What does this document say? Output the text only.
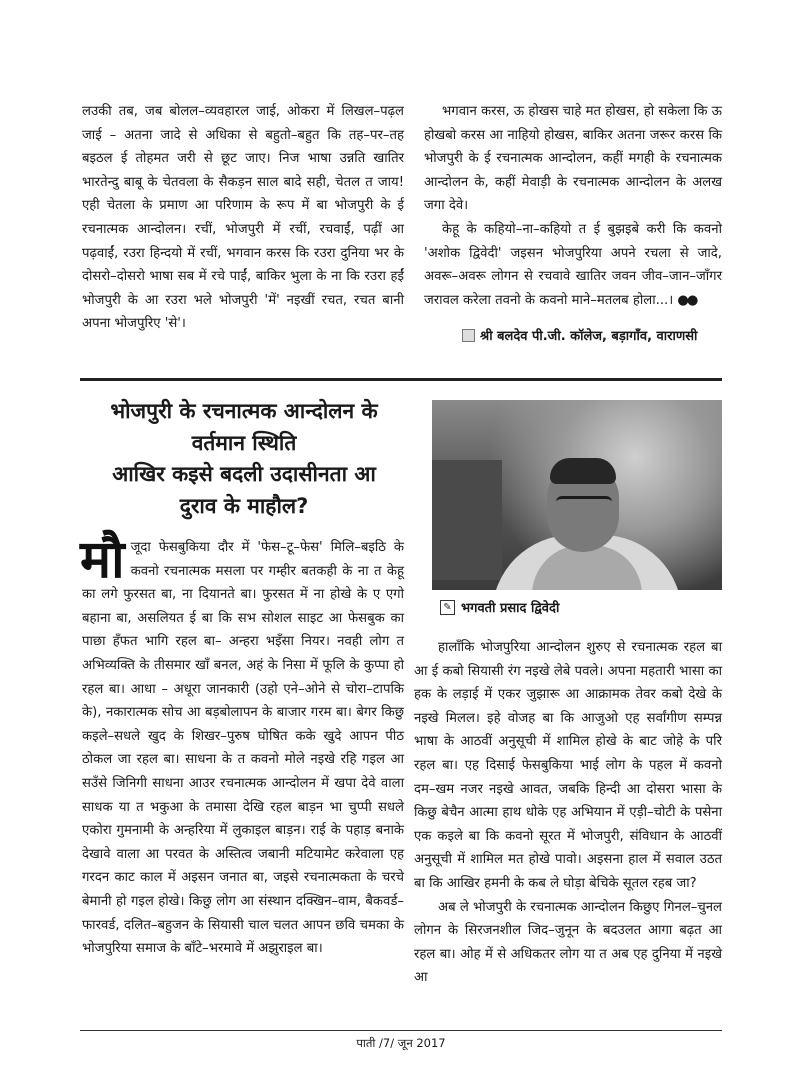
लउकी तब, जब बोलल–व्यवहारल जाई, ओकरा में लिखल–पढ़ल जाई – अतना जादे से अधिका से बहुतो–बहुत कि तह–पर–तह बइठल ई तोहमत जरी से छूट जाए। निज भाषा उन्नति खातिर भारतेन्दु बाबू के चेतवला के सैकड़न साल बादे सही, चेतल त जाय! एही चेतला के प्रमाण आ परिणाम के रूप में बा भोजपुरी के ई रचनात्मक आन्दोलन। रचीं, भोजपुरी में रचीं, रचवाईं, पढ़ीं आ पढ़वाईं, रउरा हिन्दयो में रचीं, भगवान करस कि रउरा दुनिया भर के दोसरो–दोसरो भाषा सब में रचे पाईं, बाकिर भुला के ना कि रउरा हईं भोजपुरी के आ रउरा भले भोजपुरी 'में' नइखीं रचत, रचत बानी अपना भोजपुरिए 'से'।

भगवान करस, ऊ होखस चाहे मत होखस, हो सकेला कि ऊ होखबो करस आ नाहियो होखस, बाकिर अतना जरूर करस कि भोजपुरी के ई रचनात्मक आन्दोलन, कहीं मगही के रचनात्मक आन्दोलन के, कहीं मेवाड़ी के रचनात्मक आन्दोलन के अलख जगा देवे।

केहू के कहियो–ना–कहियो त ई बुझइबे करी कि कवनो 'अशोक द्विवेदी' जइसन भोजपुरिया अपने रचला से जादे, अवरू–अवरू लोगन से रचवावे खातिर जवन जीव–जान–जाँगर जरावल करेला तवनो के कवनो माने–मतलब होला...। ●●

श्री बलदेव पी.जी. कॉलेज, बड़ागाँव, वाराणसी
भोजपुरी के रचनात्मक आन्दोलन के
वर्तमान स्थिति
आखिर कइसे बदली उदासीनता आ
दुराव के माहौल?

मौजूदा फेसबुकिया दौर में 'फेस–टू–फेस' मिलि–बइठि के कवनो रचनात्मक मसला पर गम्हीर बतकही के ना त केहू का लगे फुरसत बा, ना दियानते बा। फुरसत में ना होखे के ए एगो बहाना बा, असलियत ई बा कि सभ सोशल साइट आ फेसबुक का पाछा हँफत भागि रहल बा– अन्हरा भइँसा नियर। नवही लोग त अभिव्यक्ति के तीसमार खाँ बनल, अहं के निसा में फूलि के कुप्पा हो रहल बा। आधा – अधूरा जानकारी (उहो एने–ओने से चोरा–टापकि के), नकारात्मक सोच आ बड़बोलापन के बाजार गरम बा। बेगर किछु कइले–सधले खुद के शिखर–पुरुष घोषित कके खुदे आपन पीठ ठोकल जा रहल बा। साधना के त कवनो मोले नइखे रहि गइल आ सउँसे जिनिगी साधना आउर रचनात्मक आन्दोलन में खपा देवे वाला साधक या त भकुआ के तमासा देखि रहल बाड़न भा चुप्पी सधले एकोरा गुमनामी के अन्हरिया में लुकाइल बाड़न। राई के पहाड़ बनाके देखावे वाला आ परवत के अस्तित्व जबानी मटियामेट करेवाला एह गरदन काट काल में अइसन जनात बा, जइसे रचनात्मकता के चरचे बेमानी हो गइल होखे। किछु लोग आ संस्थान दक्खिन–वाम, बैकवर्ड–फारवर्ड, दलित–बहुजन के सियासी चाल चलत आपन छवि चमका के भोजपुरिया समाज के बाँटे–भरमावे में अझुराइल बा।

✎ भगवती प्रसाद द्विवेदी

हालाँकि भोजपुरिया आन्दोलन शुरुए से रचनात्मक रहल बा आ ई कबो सियासी रंग नइखे लेबे पवले। अपना महतारी भासा का हक के लड़ाई में एकर जुझारू आ आक्रामक तेवर कबो देखे के नइखे मिलल। इहे वोजह बा कि आजुओ एह सर्वांगीण सम्पन्न भाषा के आठवीं अनुसूची में शामिल होखे के बाट जोहे के परि रहल बा। एह दिसाई फेसबुकिया भाई लोग के पहल में कवनो दम–खम नजर नइखे आवत, जबकि हिन्दी आ दोसरा भासा के किछु बेचैन आत्मा हाथ धोके एह अभियान में एड़ी–चोटी के पसेना एक कइले बा कि कवनो सूरत में भोजपुरी, संविधान के आठवीं अनुसूची में शामिल मत होखे पावो। अइसना हाल में सवाल उठत बा कि आखिर हमनी के कब ले घोड़ा बेचिके सूतल रहब जा?

अब ले भोजपुरी के रचनात्मक आन्दोलन किछुए गिनल–चुनल लोगन के सिरजनशील जिद–जुनून के बदउलत आगा बढ़त आ रहल बा। ओह में से अधिकतर लोग या त अब एह दुनिया में नइखे आ

पाती /7/ जून 2017
